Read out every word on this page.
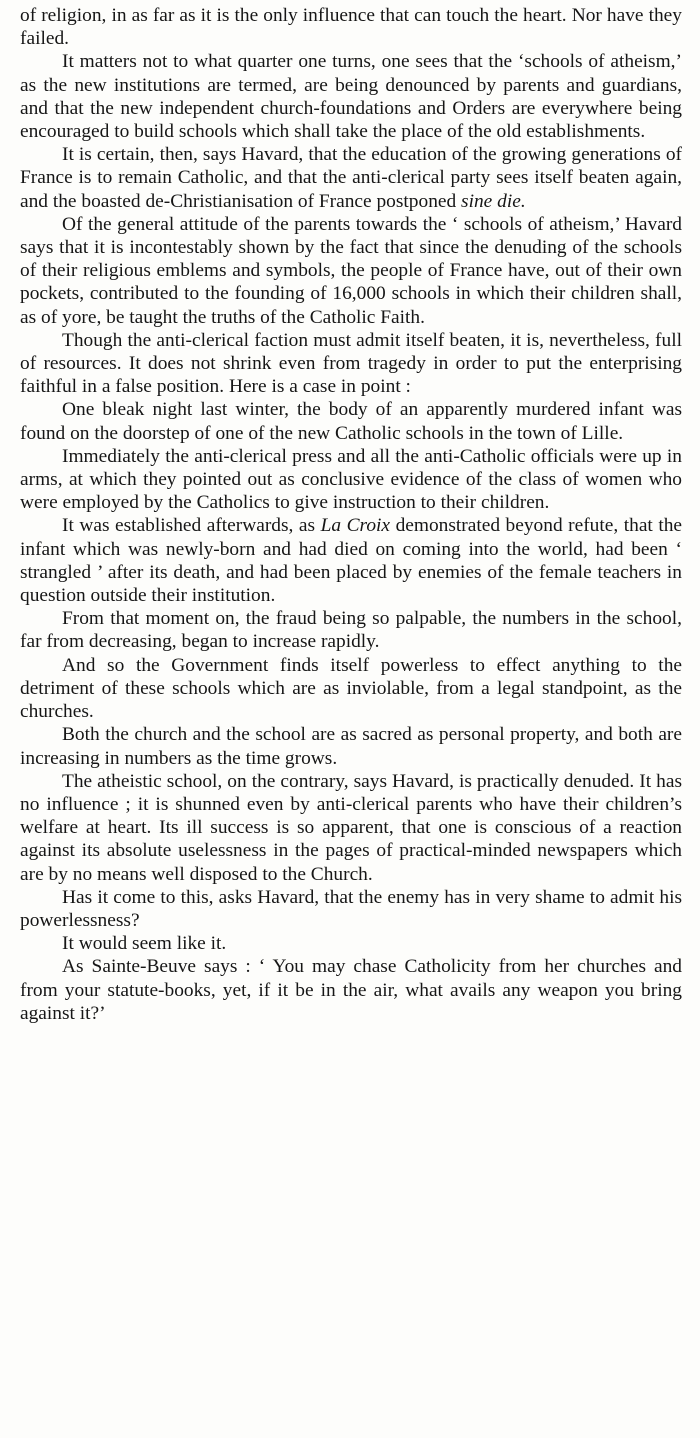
of religion, in as far as it is the only influence that can touch the heart. Nor have they failed.

It matters not to what quarter one turns, one sees that the ‘schools of atheism,’ as the new institutions are termed, are being denounced by parents and guardians, and that the new independent church-foundations and Orders are everywhere being encouraged to build schools which shall take the place of the old establishments.

It is certain, then, says Havard, that the education of the growing generations of France is to remain Catholic, and that the anti-clerical party sees itself beaten again, and the boasted de-Christianisation of France postponed sine die.

Of the general attitude of the parents towards the ‘ schools of atheism,’ Havard says that it is incontestably shown by the fact that since the denuding of the schools of their religious emblems and symbols, the people of France have, out of their own pockets, contributed to the founding of 16,000 schools in which their children shall, as of yore, be taught the truths of the Catholic Faith.

Though the anti-clerical faction must admit itself beaten, it is, nevertheless, full of resources. It does not shrink even from tragedy in order to put the enterprising faithful in a false position. Here is a case in point :

One bleak night last winter, the body of an apparently murdered infant was found on the doorstep of one of the new Catholic schools in the town of Lille.

Immediately the anti-clerical press and all the anti-Catholic officials were up in arms, at which they pointed out as conclusive evidence of the class of women who were employed by the Catholics to give instruction to their children.

It was established afterwards, as La Croix demonstrated beyond refute, that the infant which was newly-born and had died on coming into the world, had been ‘ strangled ’ after its death, and had been placed by enemies of the female teachers in question outside their institution.

From that moment on, the fraud being so palpable, the numbers in the school, far from decreasing, began to increase rapidly.

And so the Government finds itself powerless to effect anything to the detriment of these schools which are as inviolable, from a legal standpoint, as the churches.

Both the church and the school are as sacred as personal property, and both are increasing in numbers as the time grows.

The atheistic school, on the contrary, says Havard, is practically denuded. It has no influence ; it is shunned even by anti-clerical parents who have their children’s welfare at heart. Its ill success is so apparent, that one is conscious of a reaction against its absolute uselessness in the pages of practical-minded newspapers which are by no means well disposed to the Church.

Has it come to this, asks Havard, that the enemy has in very shame to admit his powerlessness?

It would seem like it.

As Sainte-Beuve says : ‘ You may chase Catholicity from her churches and from your statute-books, yet, if it be in the air, what avails any weapon you bring against it?’
